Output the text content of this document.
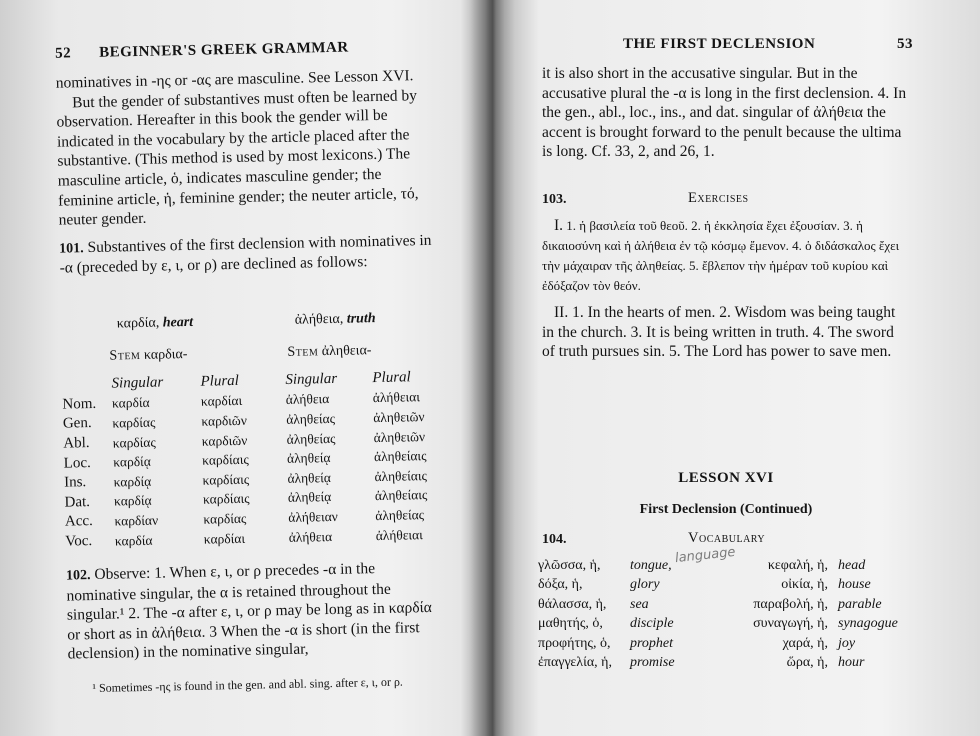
52 BEGINNER'S GREEK GRAMMAR

nominatives in -ης or -ας are masculine. See Lesson XVI.

But the gender of substantives must often be learned by observation. Hereafter in this book the gender will be indicated in the vocabulary by the article placed after the substantive. (This method is used by most lexicons.) The masculine article, ὁ, indicates masculine gender; the feminine article, ἡ, feminine gender; the neuter article, τό, neuter gender.

101. Substantives of the first declension with nominatives in -α (preceded by ε, ι, or ρ) are declined as follows:

καρδία, heart	ἀλήθεια, truth
Stem καρδια-	Stem ἀληθεια-
	Singular	Plural	Singular	Plural
Nom.	καρδία	καρδίαι	ἀλήθεια	ἀλήθειαι
Gen.	καρδίας	καρδιῶν	ἀληθείας	ἀληθειῶν
Abl.	καρδίας	καρδιῶν	ἀληθείας	ἀληθειῶν
Loc.	καρδίᾳ	καρδίαις	ἀληθείᾳ	ἀληθείαις
Ins.	καρδίᾳ	καρδίαις	ἀληθείᾳ	ἀληθείαις
Dat.	καρδίᾳ	καρδίαις	ἀληθείᾳ	ἀληθείαις
Acc.	καρδίαν	καρδίας	ἀλήθειαν	ἀληθείας
Voc.	καρδία	καρδίαι	ἀλήθεια	ἀλήθειαι

102. Observe: 1. When ε, ι, or ρ precedes -α in the nominative singular, the α is retained throughout the singular.¹ 2. The -α after ε, ι, or ρ may be long as in καρδία or short as in ἀλήθεια. 3 When the -α is short (in the first declension) in the nominative singular,

¹ Sometimes -ης is found in the gen. and abl. sing. after ε, ι, or ρ.
THE FIRST DECLENSION	53
it is also short in the accusative singular. But in the accusative plural the -α is long in the first declension. 4. In the gen., abl., loc., ins., and dat. singular of ἀλήθεια the accent is brought forward to the penult because the ultima is long. Cf. 33, 2, and 26, 1.
103.	Exercises
I. 1. ἡ βασιλεία τοῦ θεοῦ. 2. ἡ ἐκκλησία ἔχει ἐξουσίαν. 3. ἡ δικαιοσύνη καὶ ἡ ἀλήθεια ἐν τῷ κόσμῳ ἔμενον. 4. ὁ διδάσκαλος ἔχει τὴν μάχαιραν τῆς ἀληθείας. 5. ἔβλεπον τὴν ἡμέραν τοῦ κυρίου καὶ ἐδόξαζον τὸν θεόν.
II. 1. In the hearts of men. 2. Wisdom was being taught in the church. 3. It is being written in truth. 4. The sword of truth pursues sin. 5. The Lord has power to save men.
LESSON XVI
First Declension (Continued)
104.	Vocabulary
γλῶσσα, ἡ,	tongue,	κεφαλή, ἡ,	head
δόξα, ἡ,	glory	οἰκία, ἡ,	house
θάλασσα, ἡ,	sea	παραβολή, ἡ,	parable
μαθητής, ὁ,	disciple	συναγωγή, ἡ,	synagogue
προφήτης, ὁ,	prophet	χαρά, ἡ,	joy
ἐπαγγελία, ἡ,	promise	ὥρα, ἡ,	hour
language
